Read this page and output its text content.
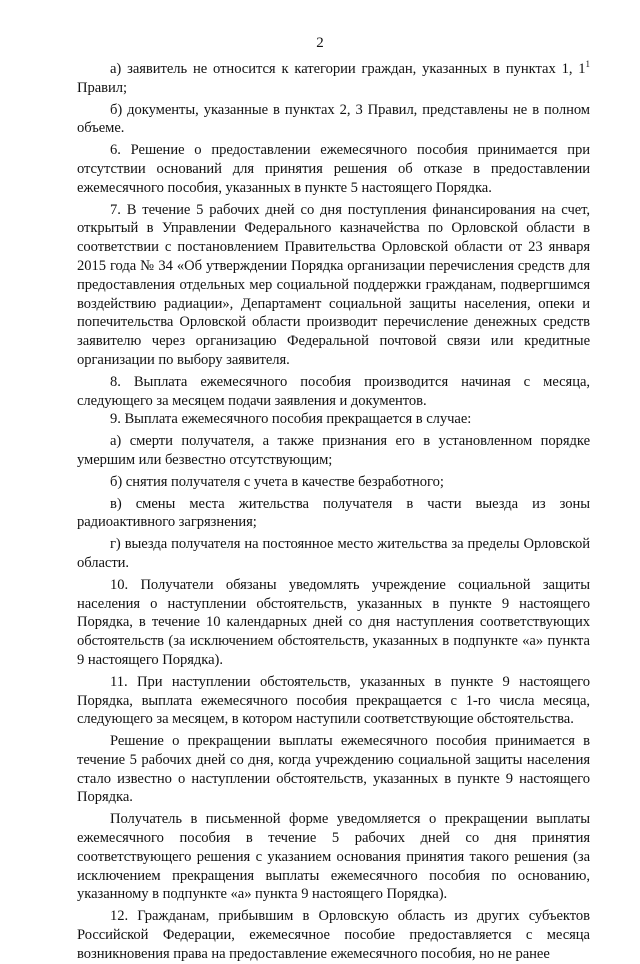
2

а) заявитель не относится к категории граждан, указанных в пунктах 1, $1^1$ Правил;

б) документы, указанные в пунктах 2, 3 Правил, представлены не в полном объеме.

6. Решение о предоставлении ежемесячного пособия принимается при отсутствии оснований для принятия решения об отказе в предоставлении ежемесячного пособия, указанных в пункте 5 настоящего Порядка.

7. В течение 5 рабочих дней со дня поступления финансирования на счет, открытый в Управлении Федерального казначейства по Орловской области в соответствии с постановлением Правительства Орловской области от 23 января 2015 года № 34 «Об утверждении Порядка организации перечисления средств для предоставления отдельных мер социальной поддержки гражданам, подвергшимся воздействию радиации», Департамент социальной защиты населения, опеки и попечительства Орловской области производит перечисление денежных средств заявителю через организацию Федеральной почтовой связи или кредитные организации по выбору заявителя.

8. Выплата ежемесячного пособия производится начиная с месяца, следующего за месяцем подачи заявления и документов.

9. Выплата ежемесячного пособия прекращается в случае:

а) смерти получателя, а также признания его в установленном порядке умершим или безвестно отсутствующим;

б) снятия получателя с учета в качестве безработного;

в) смены места жительства получателя в части выезда из зоны радиоактивного загрязнения;

г) выезда получателя на постоянное место жительства за пределы Орловской области.

10. Получатели обязаны уведомлять учреждение социальной защиты населения о наступлении обстоятельств, указанных в пункте 9 настоящего Порядка, в течение 10 календарных дней со дня наступления соответствующих обстоятельств (за исключением обстоятельств, указанных в подпункте «а» пункта 9 настоящего Порядка).

11. При наступлении обстоятельств, указанных в пункте 9 настоящего Порядка, выплата ежемесячного пособия прекращается с 1-го числа месяца, следующего за месяцем, в котором наступили соответствующие обстоятельства.

Решение о прекращении выплаты ежемесячного пособия принимается в течение 5 рабочих дней со дня, когда учреждению социальной защиты населения стало известно о наступлении обстоятельств, указанных в пункте 9 настоящего Порядка.

Получатель в письменной форме уведомляется о прекращении выплаты ежемесячного пособия в течение 5 рабочих дней со дня принятия соответствующего решения с указанием основания принятия такого решения (за исключением прекращения выплаты ежемесячного пособия по основанию, указанному в подпункте «а» пункта 9 настоящего Порядка).

12. Гражданам, прибывшим в Орловскую область из других субъектов Российской Федерации, ежемесячное пособие предоставляется с месяца возникновения права на предоставление ежемесячного пособия, но не ранее
